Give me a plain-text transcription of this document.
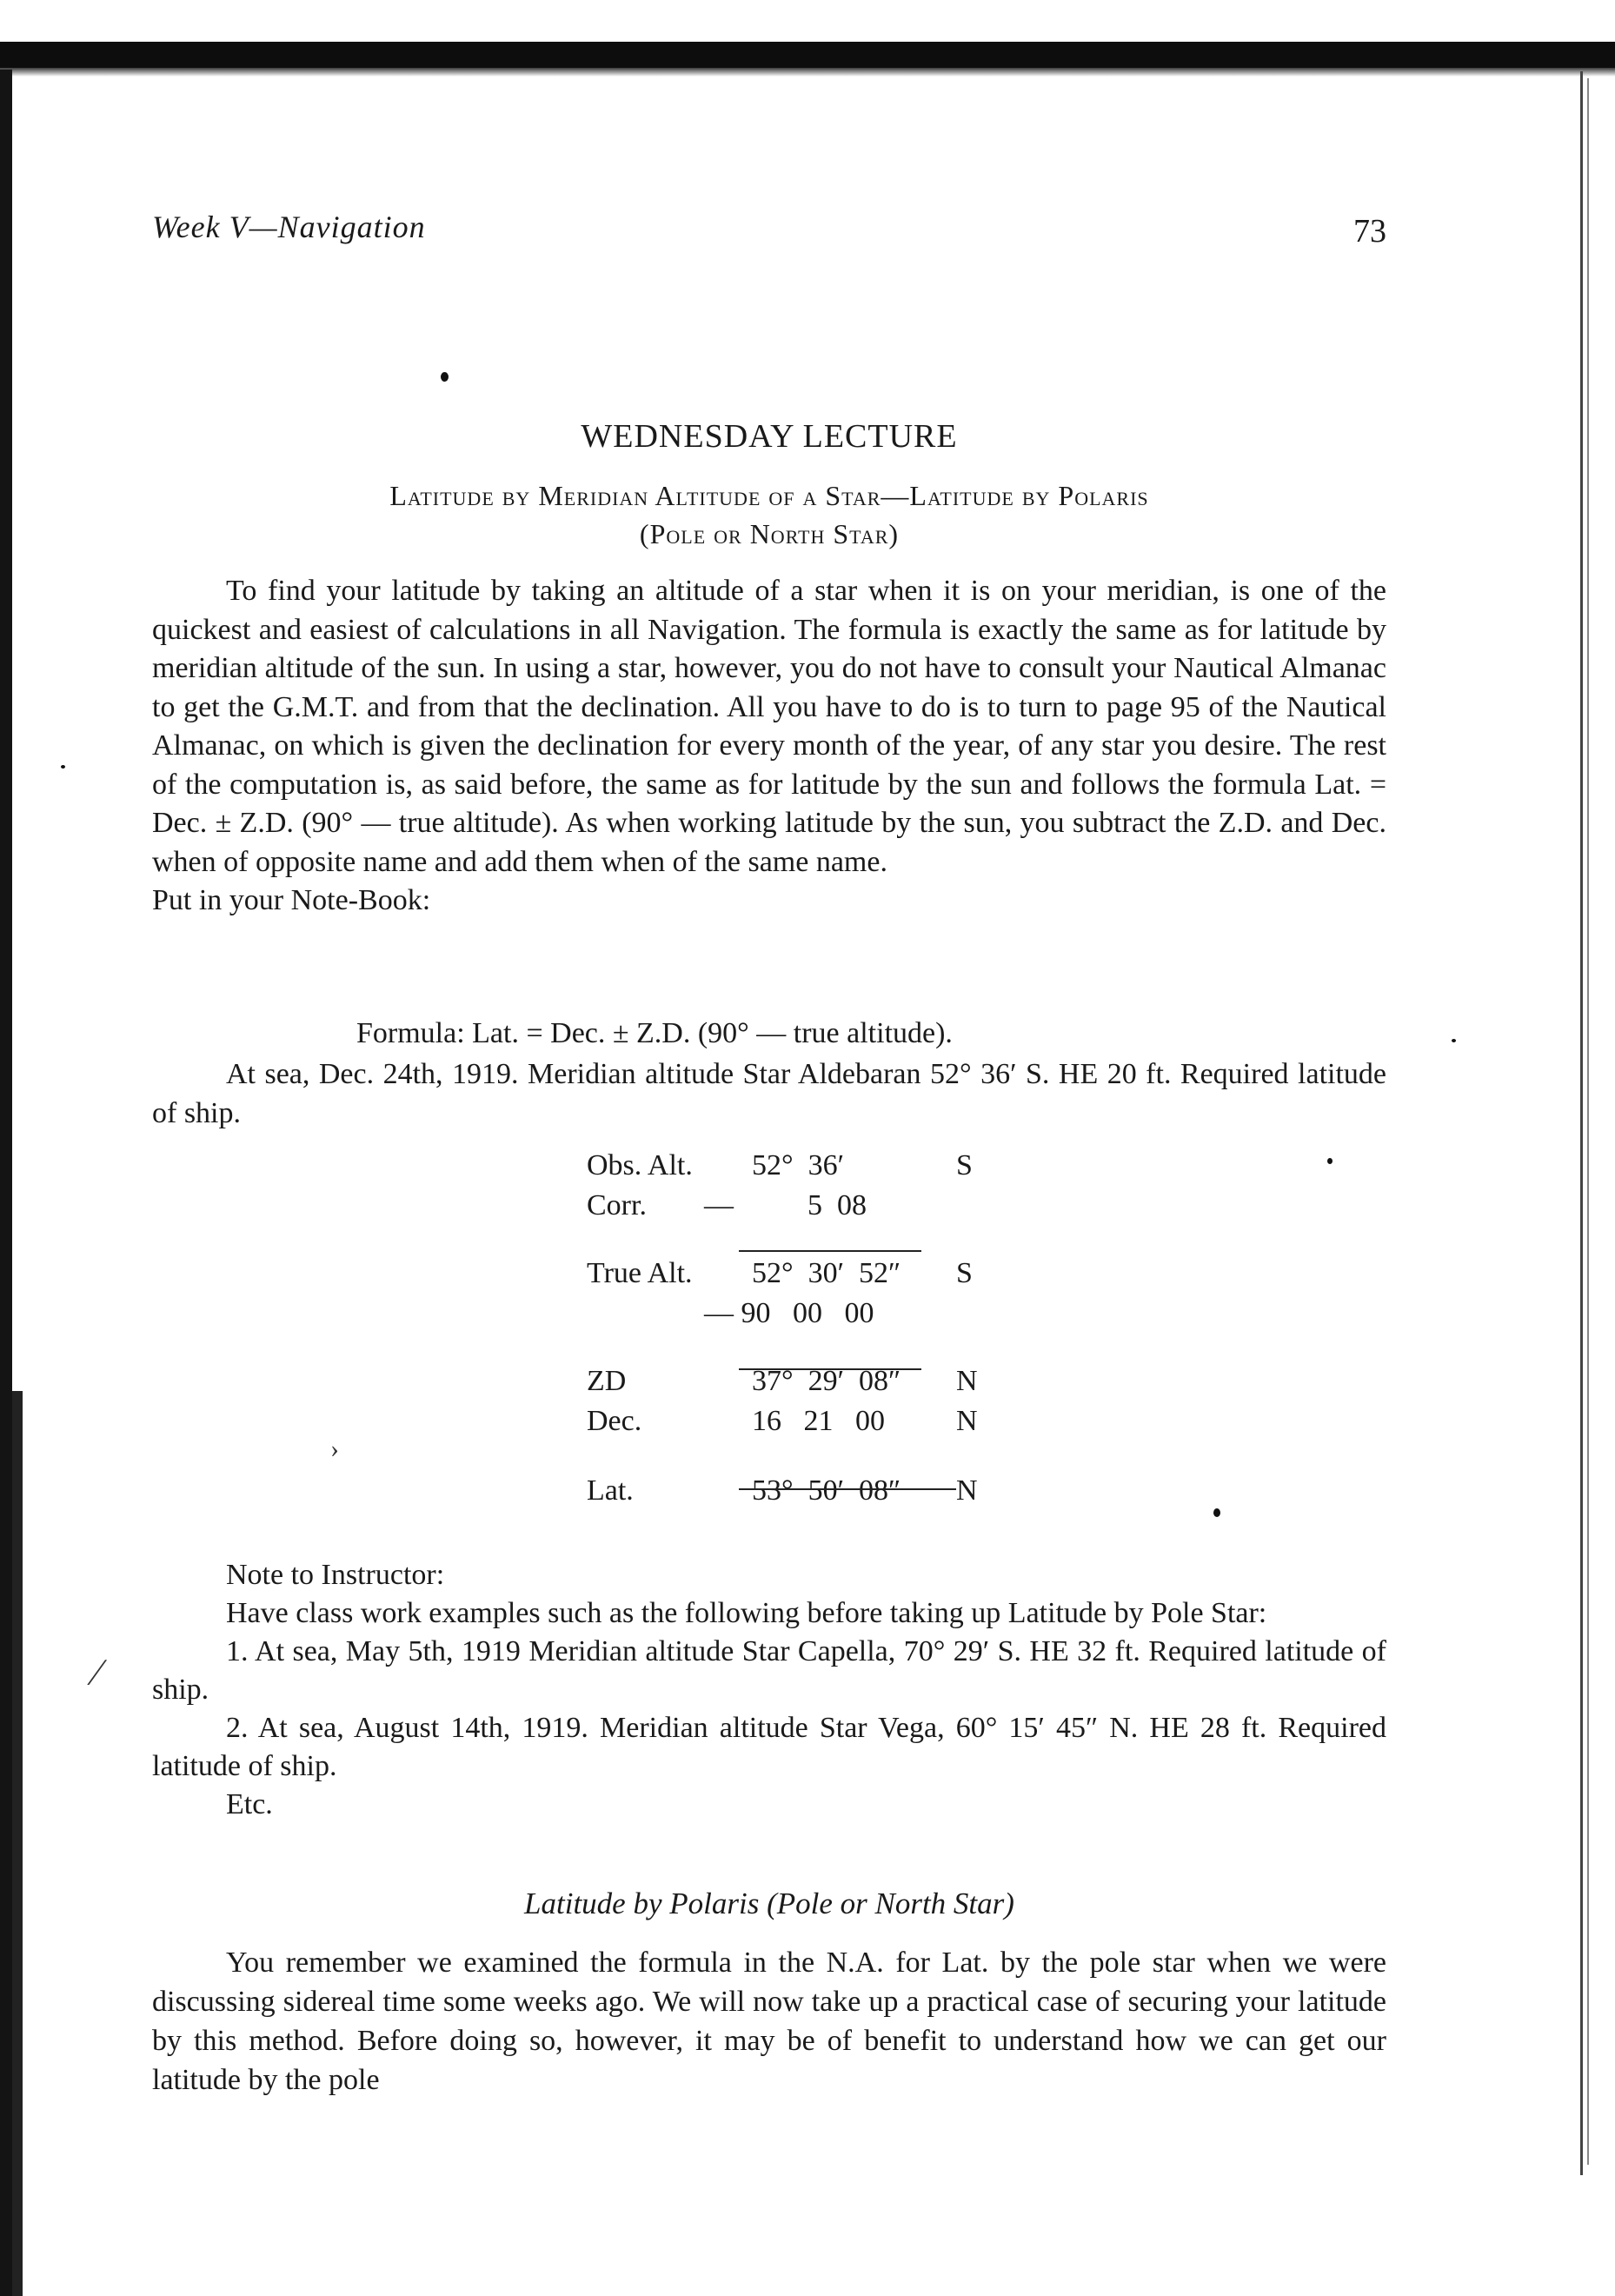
Week V—Navigation	73
›
∕
WEDNESDAY LECTURE
Latitude by Meridian Altitude of a Star—Latitude by Polaris
(Pole or North Star)

To find your latitude by taking an altitude of a star when it is on your meridian, is one of the quickest and easiest of calculations in all Navigation. The formula is exactly the same as for latitude by meridian altitude of the sun. In using a star, however, you do not have to consult your Nautical Almanac to get the G.M.T. and from that the declination. All you have to do is to turn to page 95 of the Nautical Almanac, on which is given the declination for every month of the year, of any star you desire. The rest of the computation is, as said before, the same as for latitude by the sun and follows the formula Lat. = Dec. ± Z.D. (90° — true altitude). As when working latitude by the sun, you subtract the Z.D. and Dec. when of opposite name and add them when of the same name.

Put in your Note-Book:
Formula: Lat. = Dec. ± Z.D. (90° — true altitude).

At sea, Dec. 24th, 1919. Meridian altitude Star Aldebaran 52° 36′ S. HE 20 ft. Required latitude of ship.

Obs. Alt. 52°  36′	S
Corr. —          5  08
True Alt. 52°  30′  52″ S
— 90   00   00
ZD	37°  29′  08″ N
Dec.	16   21   00 N
Lat.	53°  50′  08″ N

Note to Instructor:

Have class work examples such as the following before taking up Latitude by Pole Star:

1. At sea, May 5th, 1919 Meridian altitude Star Capella, 70° 29′ S. HE 32 ft. Required latitude of ship.

2. At sea, August 14th, 1919. Meridian altitude Star Vega, 60° 15′ 45″ N. HE 28 ft. Required latitude of ship.

Etc.

Latitude by Polaris (Pole or North Star)

You remember we examined the formula in the N.A. for Lat. by the pole star when we were discussing sidereal time some weeks ago. We will now take up a practical case of securing your latitude by this method. Before doing so, however, it may be of benefit to understand how we can get our latitude by the pole
